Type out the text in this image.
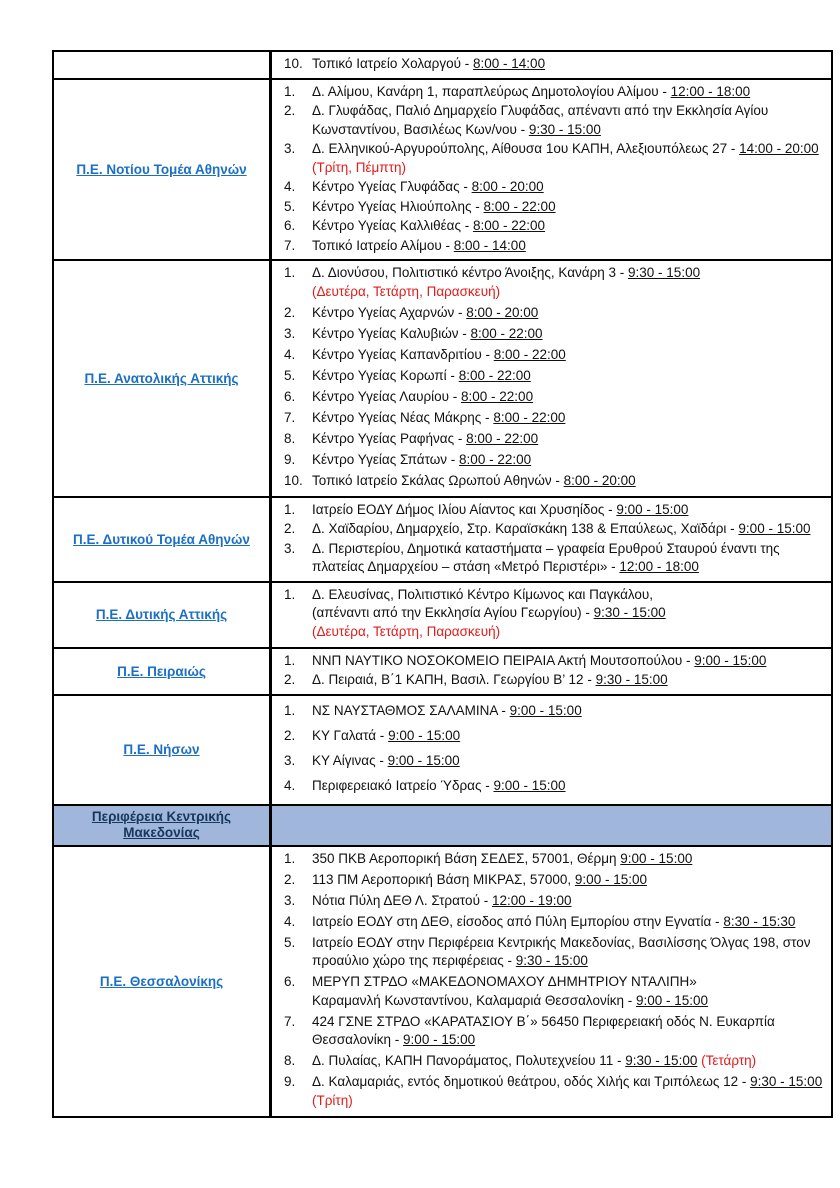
10. Τοπικό Ιατρείο Χολαργού - 8:00 - 14:00
Π.Ε. Νοτίου Τομέα Αθηνών
1.	Δ. Αλίμου, Κανάρη 1, παραπλεύρως Δημοτολογίου Αλίμου - 12:00 - 18:00
2.	Δ. Γλυφάδας, Παλιό Δημαρχείο Γλυφάδας, απέναντι από την Εκκλησία Αγίου Κωνσταντίνου, Βασιλέως Κων/νου - 9:30 - 15:00
3.	Δ. Ελληνικού-Αργυρούπολης, Αίθουσα 1ου ΚΑΠΗ, Αλεξιουπόλεως 27 - 14:00 - 20:00 (Τρίτη, Πέμπτη)
4.	Κέντρο Υγείας Γλυφάδας - 8:00 - 20:00
5.	Κέντρο Υγείας Ηλιούπολης - 8:00 - 22:00
6.	Κέντρο Υγείας Καλλιθέας - 8:00 - 22:00
7.	Τοπικό Ιατρείο Αλίμου - 8:00 - 14:00
Π.Ε. Ανατολικής Αττικής
1.	Δ. Διονύσου, Πολιτιστικό κέντρο Άνοιξης, Κανάρη 3 - 9:30 - 15:00
(Δευτέρα, Τετάρτη, Παρασκευή)
2.	Κέντρο Υγείας Αχαρνών - 8:00 - 20:00
3.	Κέντρο Υγείας Καλυβιών - 8:00 - 22:00
4.	Κέντρο Υγείας Καπανδριτίου - 8:00 - 22:00
5.	Κέντρο Υγείας Κορωπί - 8:00 - 22:00
6.	Κέντρο Υγείας Λαυρίου - 8:00 - 22:00
7.	Κέντρο Υγείας Νέας Μάκρης - 8:00 - 22:00
8.	Κέντρο Υγείας Ραφήνας - 8:00 - 22:00
9.	Κέντρο Υγείας Σπάτων - 8:00 - 22:00
10. Τοπικό Ιατρείο Σκάλας Ωρωπού Αθηνών - 8:00 - 20:00
Π.Ε. Δυτικού Τομέα Αθηνών
1.	Ιατρείο ΕΟΔΥ Δήμος Ιλίου Αίαντος και Χρυσηίδος - 9:00 - 15:00
2.	Δ. Χαϊδαρίου, Δημαρχείο, Στρ. Καραϊσκάκη 138 & Επαύλεως, Χαϊδάρι - 9:00 - 15:00
3.	Δ. Περιστερίου, Δημοτικά καταστήματα – γραφεία Ερυθρού Σταυρού έναντι της πλατείας Δημαρχείου – στάση «Μετρό Περιστέρι» - 12:00 - 18:00
Π.Ε. Δυτικής Αττικής
1.	Δ. Ελευσίνας, Πολιτιστικό Κέντρο Κίμωνος και Παγκάλου,
(απέναντι από την Εκκλησία Αγίου Γεωργίου) - 9:30 - 15:00
(Δευτέρα, Τετάρτη, Παρασκευή)
Π.Ε. Πειραιώς
1.	ΝΝΠ ΝΑΥΤΙΚΟ ΝΟΣΟΚΟΜΕΙΟ ΠΕΙΡΑΙΑ Ακτή Μουτσοπούλου - 9:00 - 15:00
2.	Δ. Πειραιά, Β΄1 ΚΑΠΗ, Βασιλ. Γεωργίου Β’ 12 - 9:30 - 15:00
Π.Ε. Νήσων
1.	ΝΣ ΝΑΥΣΤΑΘΜΟΣ ΣΑΛΑΜΙΝΑ - 9:00 - 15:00
2.	ΚΥ Γαλατά - 9:00 - 15:00
3.	ΚΥ Αίγινας - 9:00 - 15:00
4.	Περιφερειακό Ιατρείο Ύδρας - 9:00 - 15:00
Περιφέρεια Κεντρικής Μακεδονίας
Π.Ε. Θεσσαλονίκης
1.	350 ΠΚΒ Αεροπορική Βάση ΣΕΔΕΣ, 57001, Θέρμη 9:00 - 15:00
2.	113 ΠΜ Αεροπορική Βάση ΜΙΚΡΑΣ, 57000, 9:00 - 15:00
3.	Νότια Πύλη ΔΕΘ Λ. Στρατού - 12:00 - 19:00
4.	Ιατρείο ΕΟΔΥ στη ΔΕΘ, είσοδος από Πύλη Εμπορίου στην Εγνατία - 8:30 - 15:30
5.	Ιατρείο ΕΟΔΥ στην Περιφέρεια Κεντρικής Μακεδονίας, Βασιλίσσης Όλγας 198, στον προαύλιο χώρο της περιφέρειας - 9:30 - 15:00
6.	ΜΕΡΥΠ ΣΤΡΔΟ «ΜΑΚΕΔΟΝΟΜΑΧΟΥ ΔΗΜΗΤΡΙΟΥ ΝΤΑΛΙΠΗ»
Καραμανλή Κωνσταντίνου, Καλαμαριά Θεσσαλονίκη - 9:00 - 15:00
7.	424 ΓΣΝΕ ΣΤΡΔΟ «ΚΑΡΑΤΑΣΙΟΥ Β΄» 56450 Περιφερειακή οδός Ν. Ευκαρπία Θεσσαλονίκη - 9:00 - 15:00
8.	Δ. Πυλαίας, ΚΑΠΗ Πανοράματος, Πολυτεχνείου 11 - 9:30 - 15:00 (Τετάρτη)
9.	Δ. Καλαμαριάς, εντός δημοτικού θεάτρου, οδός Χιλής και Τριπόλεως 12 - 9:30 - 15:00 (Τρίτη)
